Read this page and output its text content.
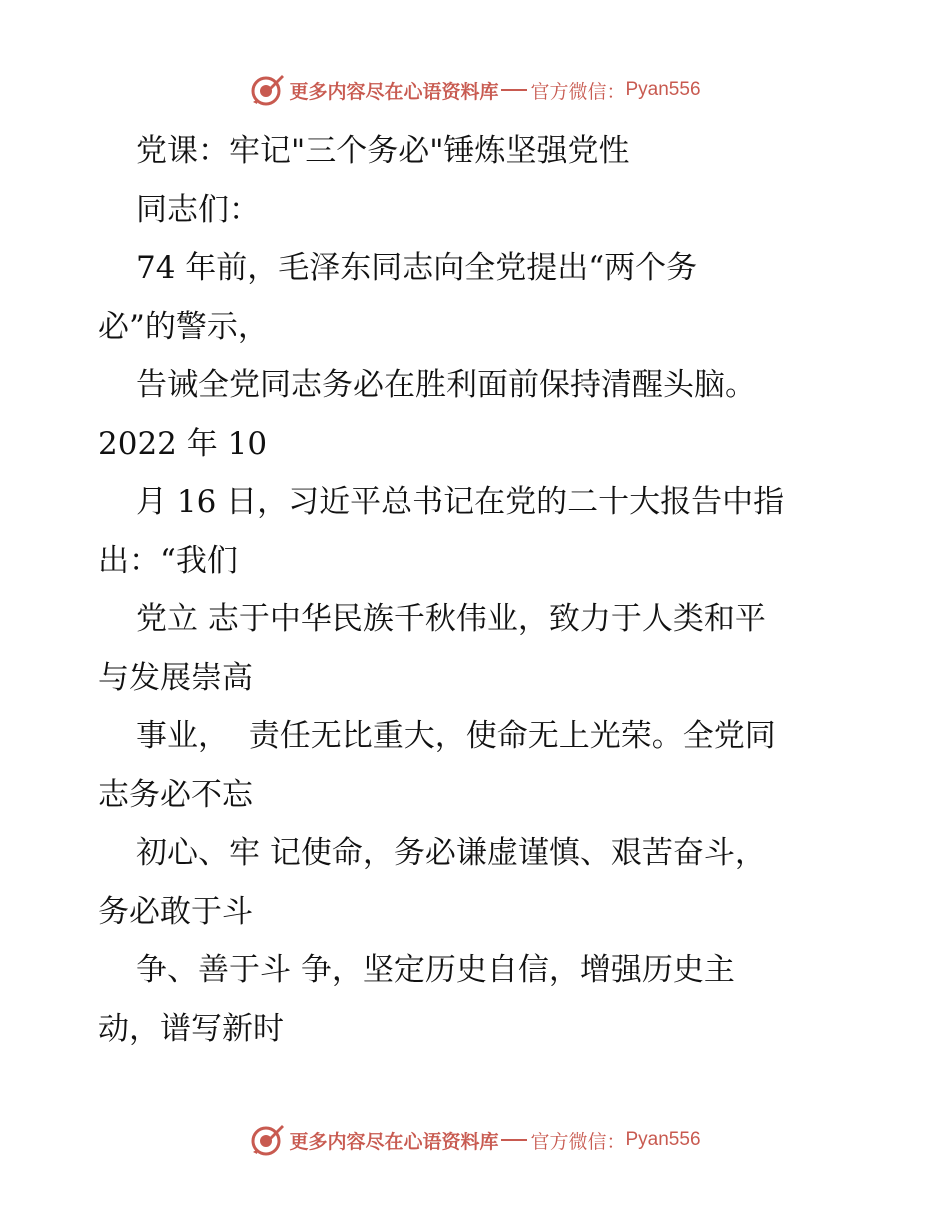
更多内容尽在心语资料库 官方微信： Pyan556
党课：牢记"三个务必"锤炼坚强党性
同志们：
74 年前，毛泽东同志向全党提出“两个务
必”的警示，
告诫全党同志务必在胜利面前保持清醒头脑。
2022 年 10
月 16 日，习近平总书记在党的二十大报告中指
出：“我们
党立 志于中华民族千秋伟业，致力于人类和平
与发展崇高
事业，  责任无比重大，使命无上光荣。全党同
志务必不忘
初心、牢 记使命，务必谦虚谨慎、艰苦奋斗，
务必敢于斗
争、善于斗 争，坚定历史自信，增强历史主
动，谱写新时
更多内容尽在心语资料库 官方微信： Pyan556
